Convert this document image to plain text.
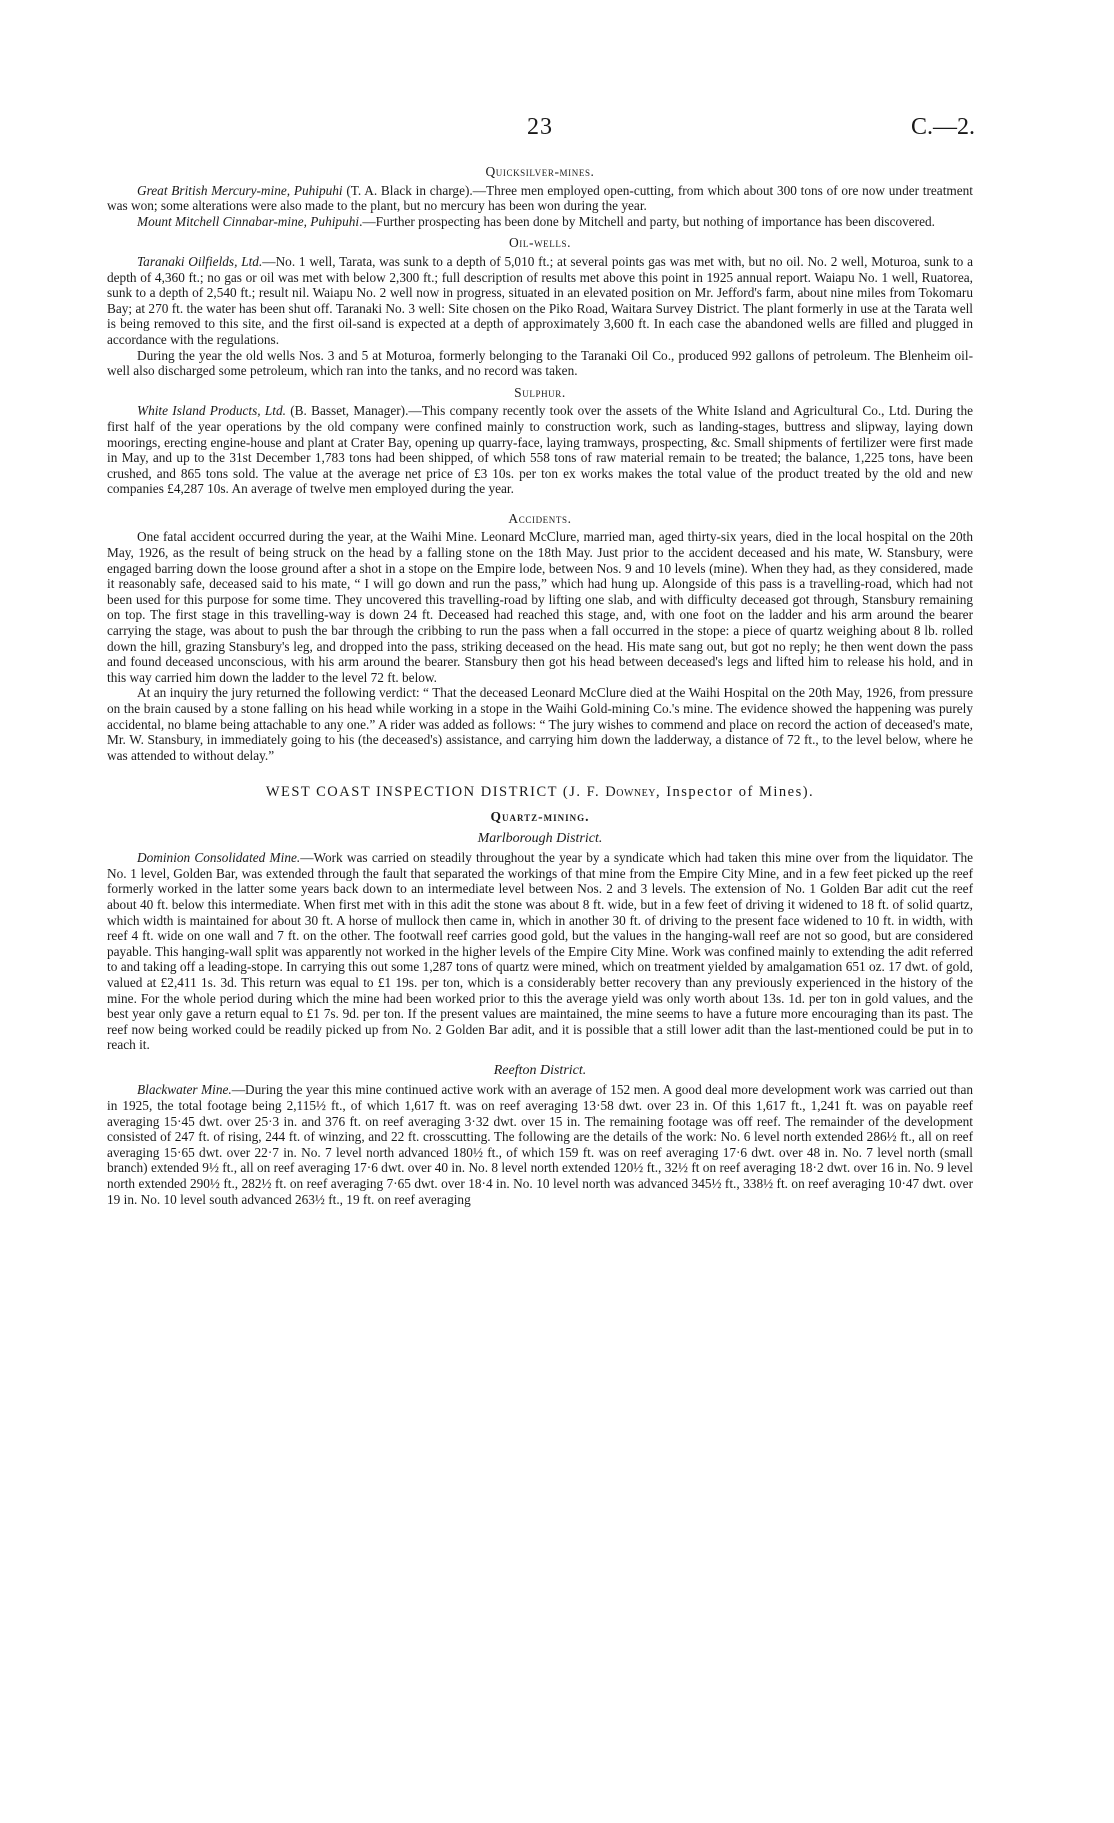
23	C.—2.
Quicksilver-mines.

Great British Mercury-mine, Puhipuhi (T. A. Black in charge).—Three men employed open-cutting, from which about 300 tons of ore now under treatment was won; some alterations were also made to the plant, but no mercury has been won during the year.

Mount Mitchell Cinnabar-mine, Puhipuhi.—Further prospecting has been done by Mitchell and party, but nothing of importance has been discovered.

Oil-wells.

Taranaki Oilfields, Ltd.—No. 1 well, Tarata, was sunk to a depth of 5,010 ft.; at several points gas was met with, but no oil. No. 2 well, Moturoa, sunk to a depth of 4,360 ft.; no gas or oil was met with below 2,300 ft.; full description of results met above this point in 1925 annual report. Waiapu No. 1 well, Ruatorea, sunk to a depth of 2,540 ft.; result nil. Waiapu No. 2 well now in progress, situated in an elevated position on Mr. Jefford's farm, about nine miles from Tokomaru Bay; at 270 ft. the water has been shut off. Taranaki No. 3 well: Site chosen on the Piko Road, Waitara Survey District. The plant formerly in use at the Tarata well is being removed to this site, and the first oil-sand is expected at a depth of approximately 3,600 ft. In each case the abandoned wells are filled and plugged in accordance with the regulations.

During the year the old wells Nos. 3 and 5 at Moturoa, formerly belonging to the Taranaki Oil Co., produced 992 gallons of petroleum. The Blenheim oil-well also discharged some petroleum, which ran into the tanks, and no record was taken.

Sulphur.

White Island Products, Ltd. (B. Basset, Manager).—This company recently took over the assets of the White Island and Agricultural Co., Ltd. During the first half of the year operations by the old company were confined mainly to construction work, such as landing-stages, buttress and slipway, laying down moorings, erecting engine-house and plant at Crater Bay, opening up quarry-face, laying tramways, prospecting, &c. Small shipments of fertilizer were first made in May, and up to the 31st December 1,783 tons had been shipped, of which 558 tons of raw material remain to be treated; the balance, 1,225 tons, have been crushed, and 865 tons sold. The value at the average net price of £3 10s. per ton ex works makes the total value of the product treated by the old and new companies £4,287 10s. An average of twelve men employed during the year.

Accidents.

One fatal accident occurred during the year, at the Waihi Mine. Leonard McClure, married man, aged thirty-six years, died in the local hospital on the 20th May, 1926, as the result of being struck on the head by a falling stone on the 18th May. Just prior to the accident deceased and his mate, W. Stansbury, were engaged barring down the loose ground after a shot in a stope on the Empire lode, between Nos. 9 and 10 levels (mine). When they had, as they considered, made it reasonably safe, deceased said to his mate, “ I will go down and run the pass,” which had hung up. Alongside of this pass is a travelling-road, which had not been used for this purpose for some time. They uncovered this travelling-road by lifting one slab, and with difficulty deceased got through, Stansbury remaining on top. The first stage in this travelling-way is down 24 ft. Deceased had reached this stage, and, with one foot on the ladder and his arm around the bearer carrying the stage, was about to push the bar through the cribbing to run the pass when a fall occurred in the stope: a piece of quartz weighing about 8 lb. rolled down the hill, grazing Stansbury's leg, and dropped into the pass, striking deceased on the head. His mate sang out, but got no reply; he then went down the pass and found deceased unconscious, with his arm around the bearer. Stansbury then got his head between deceased's legs and lifted him to release his hold, and in this way carried him down the ladder to the level 72 ft. below.

At an inquiry the jury returned the following verdict: “ That the deceased Leonard McClure died at the Waihi Hospital on the 20th May, 1926, from pressure on the brain caused by a stone falling on his head while working in a stope in the Waihi Gold-mining Co.'s mine. The evidence showed the happening was purely accidental, no blame being attachable to any one.” A rider was added as follows: “ The jury wishes to commend and place on record the action of deceased's mate, Mr. W. Stansbury, in immediately going to his (the deceased's) assistance, and carrying him down the ladderway, a distance of 72 ft., to the level below, where he was attended to without delay.”

WEST COAST INSPECTION DISTRICT (J. F. Downey, Inspector of Mines).
Quartz-mining.
Marlborough District.

Dominion Consolidated Mine.—Work was carried on steadily throughout the year by a syndicate which had taken this mine over from the liquidator. The No. 1 level, Golden Bar, was extended through the fault that separated the workings of that mine from the Empire City Mine, and in a few feet picked up the reef formerly worked in the latter some years back down to an intermediate level between Nos. 2 and 3 levels. The extension of No. 1 Golden Bar adit cut the reef about 40 ft. below this intermediate. When first met with in this adit the stone was about 8 ft. wide, but in a few feet of driving it widened to 18 ft. of solid quartz, which width is maintained for about 30 ft. A horse of mullock then came in, which in another 30 ft. of driving to the present face widened to 10 ft. in width, with reef 4 ft. wide on one wall and 7 ft. on the other. The footwall reef carries good gold, but the values in the hanging-wall reef are not so good, but are considered payable. This hanging-wall split was apparently not worked in the higher levels of the Empire City Mine. Work was confined mainly to extending the adit referred to and taking off a leading-stope. In carrying this out some 1,287 tons of quartz were mined, which on treatment yielded by amalgamation 651 oz. 17 dwt. of gold, valued at £2,411 1s. 3d. This return was equal to £1 19s. per ton, which is a considerably better recovery than any previously experienced in the history of the mine. For the whole period during which the mine had been worked prior to this the average yield was only worth about 13s. 1d. per ton in gold values, and the best year only gave a return equal to £1 7s. 9d. per ton. If the present values are maintained, the mine seems to have a future more encouraging than its past. The reef now being worked could be readily picked up from No. 2 Golden Bar adit, and it is possible that a still lower adit than the last-mentioned could be put in to reach it.

Reefton District.

Blackwater Mine.—During the year this mine continued active work with an average of 152 men. A good deal more development work was carried out than in 1925, the total footage being 2,115½ ft., of which 1,617 ft. was on reef averaging 13·58 dwt. over 23 in. Of this 1,617 ft., 1,241 ft. was on payable reef averaging 15·45 dwt. over 25·3 in. and 376 ft. on reef averaging 3·32 dwt. over 15 in. The remaining footage was off reef. The remainder of the development consisted of 247 ft. of rising, 244 ft. of winzing, and 22 ft. crosscutting. The following are the details of the work: No. 6 level north extended 286½ ft., all on reef averaging 15·65 dwt. over 22·7 in. No. 7 level north advanced 180½ ft., of which 159 ft. was on reef averaging 17·6 dwt. over 48 in. No. 7 level north (small branch) extended 9½ ft., all on reef averaging 17·6 dwt. over 40 in. No. 8 level north extended 120½ ft., 32½ ft on reef averaging 18·2 dwt. over 16 in. No. 9 level north extended 290½ ft., 282½ ft. on reef averaging 7·65 dwt. over 18·4 in. No. 10 level north was advanced 345½ ft., 338½ ft. on reef averaging 10·47 dwt. over 19 in. No. 10 level south advanced 263½ ft., 19 ft. on reef averaging
